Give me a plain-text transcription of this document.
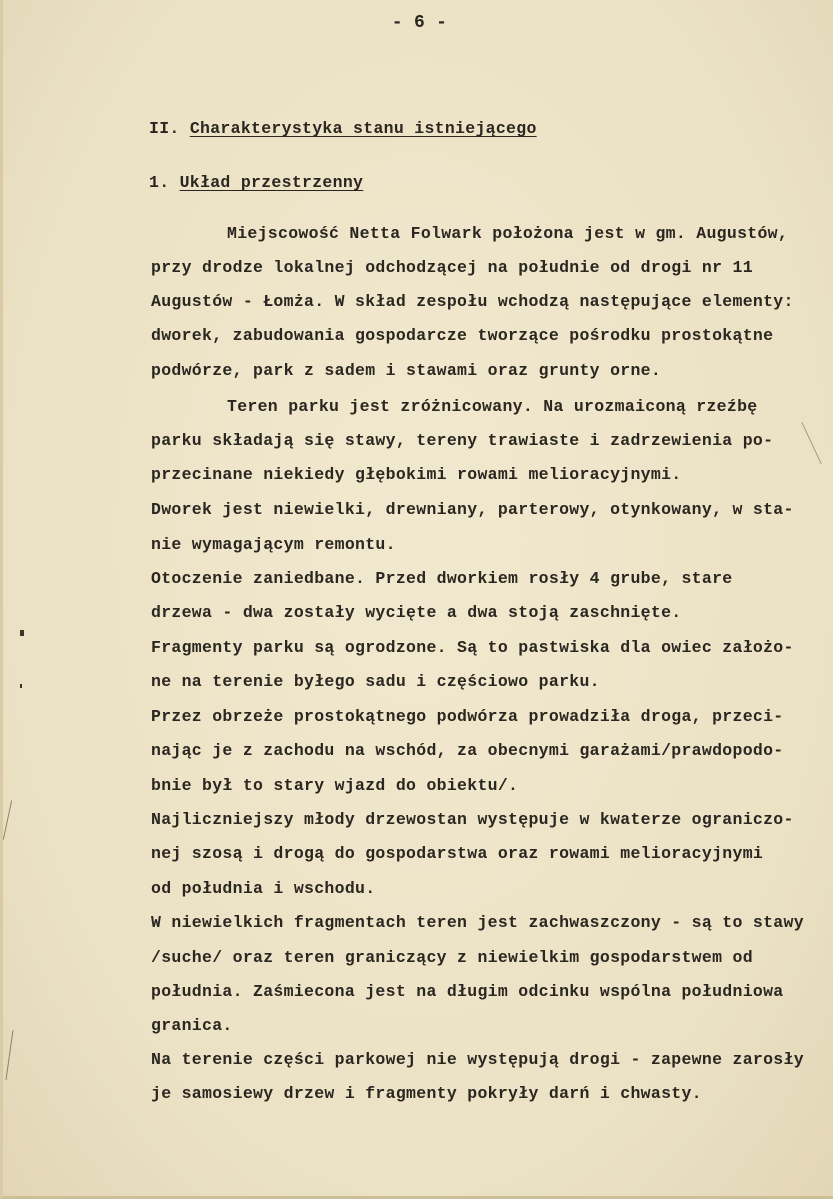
- 6 -
II. Charakterystyka stanu istniejącego
1. Układ przestrzenny
Miejscowość Netta Folwark położona jest w gm. Augustów,
przy drodze lokalnej odchodzącej na południe od drogi nr 11
Augustów - Łomża. W skład zespołu wchodzą następujące elementy:
dworek, zabudowania gospodarcze tworzące pośrodku prostokątne
podwórze, park z sadem i stawami oraz grunty orne.
Teren parku jest zróżnicowany. Na urozmaiconą rzeźbę
parku składają się stawy, tereny trawiaste i zadrzewienia po-
przecinane niekiedy głębokimi rowami melioracyjnymi.
Dworek jest niewielki, drewniany, parterowy, otynkowany, w sta-
nie wymagającym remontu.
Otoczenie zaniedbane. Przed dworkiem rosły 4 grube, stare
drzewa - dwa zostały wycięte a dwa stoją zaschnięte.
Fragmenty parku są ogrodzone. Są to pastwiska dla owiec założo-
ne na terenie byłego sadu i częściowo parku.
Przez obrzeże prostokątnego podwórza prowadziła droga, przeci-
nając je z zachodu na wschód, za obecnymi garażami/prawdopodo-
bnie był to stary wjazd do obiektu/.
Najliczniejszy młody drzewostan występuje w kwaterze ograniczo-
nej szosą i drogą do gospodarstwa oraz rowami melioracyjnymi
od południa i wschodu.
W niewielkich fragmentach teren jest zachwaszczony - są to stawy
/suche/ oraz teren graniczący z niewielkim gospodarstwem od
południa. Zaśmiecona jest na długim odcinku wspólna południowa
granica.
Na terenie części parkowej nie występują drogi - zapewne zarosły
je samosiewy drzew i fragmenty pokryły darń i chwasty.
